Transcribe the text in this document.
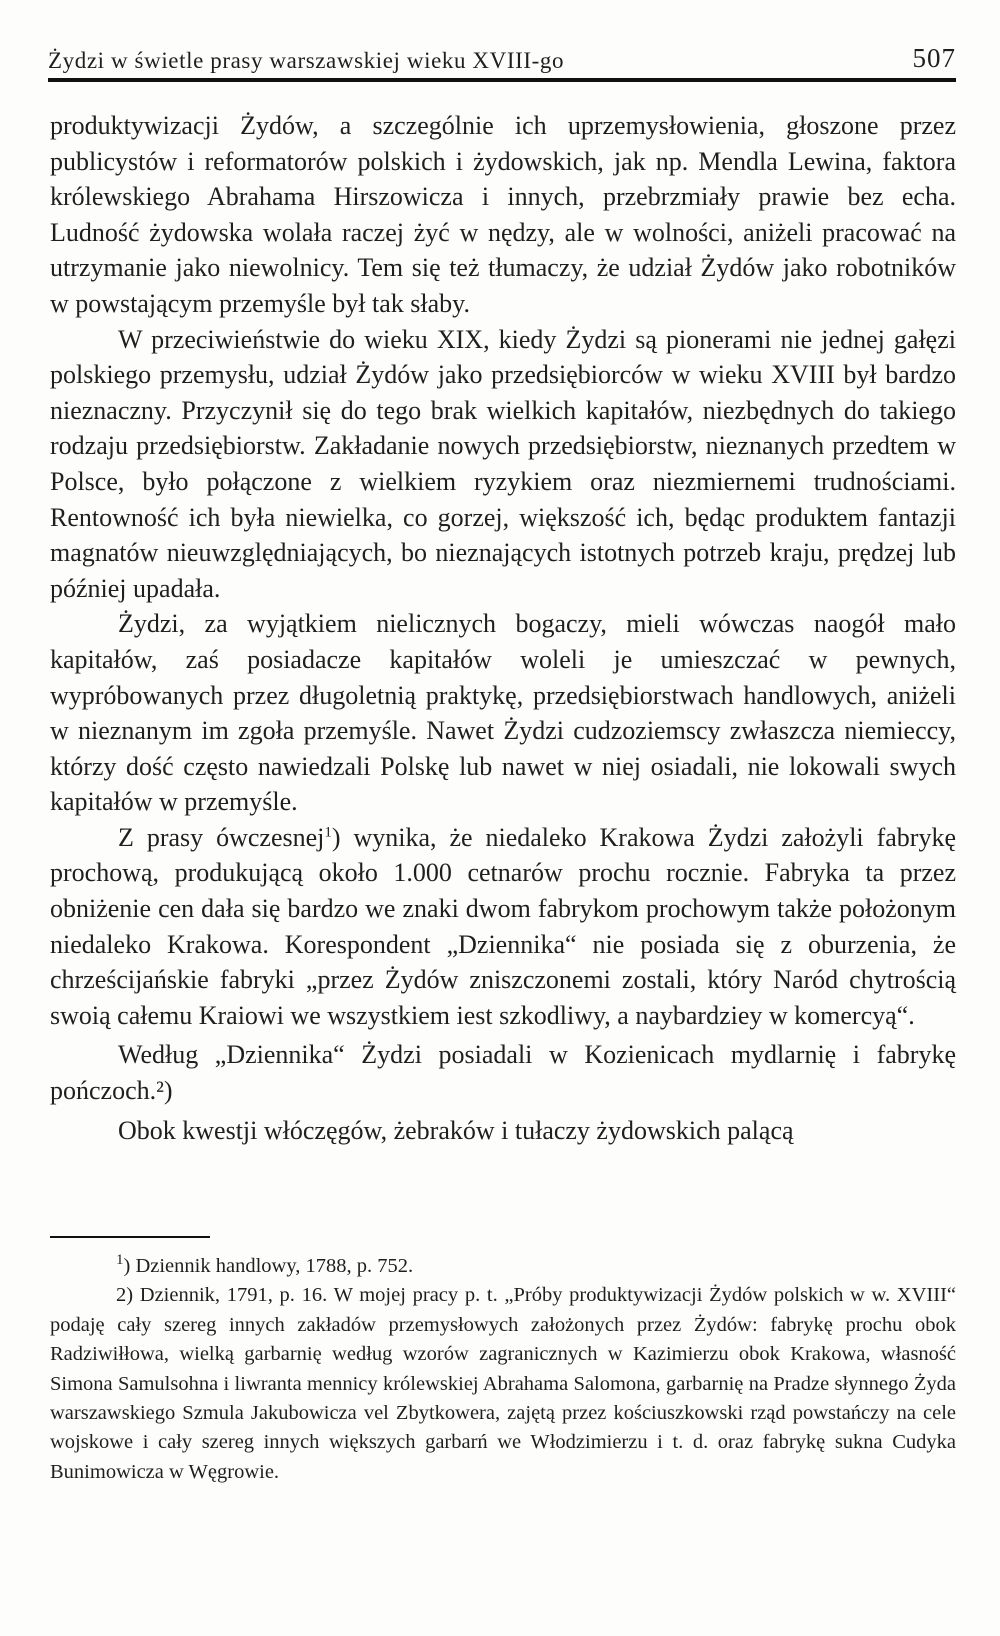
Żydzi w świetle prasy warszawskiej wieku XVIII-go	507

produktywizacji Żydów, a szczególnie ich uprzemysłowienia, głoszone przez publicystów i reformatorów polskich i żydowskich, jak np. Mendla Lewina, faktora królewskiego Abrahama Hirszowicza i innych, przebrzmiały prawie bez echa. Ludność żydowska wolała raczej żyć w nędzy, ale w wolności, aniżeli pracować na utrzymanie jako niewolnicy. Tem się też tłumaczy, że udział Żydów jako robotników w powstającym przemyśle był tak słaby.

W przeciwieństwie do wieku XIX, kiedy Żydzi są pionerami nie jednej gałęzi polskiego przemysłu, udział Żydów jako przedsiębiorców w wieku XVIII był bardzo nieznaczny. Przyczynił się do tego brak wielkich kapitałów, niezbędnych do takiego rodzaju przedsiębiorstw. Zakładanie nowych przedsiębiorstw, nieznanych przedtem w Polsce, było połączone z wielkiem ryzykiem oraz niezmiernemi trudnościami. Rentowność ich była niewielka, co gorzej, większość ich, będąc produktem fantazji magnatów nieuwzględniających, bo nieznających istotnych potrzeb kraju, prędzej lub później upadała.

Żydzi, za wyjątkiem nielicznych bogaczy, mieli wówczas naogół mało kapitałów, zaś posiadacze kapitałów woleli je umieszczać w pewnych, wypróbowanych przez długoletnią praktykę, przedsiębiorstwach handlowych, aniżeli w nieznanym im zgoła przemyśle. Nawet Żydzi cudzoziemscy zwłaszcza niemieccy, którzy dość często nawiedzali Polskę lub nawet w niej osiadali, nie lokowali swych kapitałów w przemyśle.

Z prasy ówczesnej$^1$) wynika, że niedaleko Krakowa Żydzi założyli fabrykę prochową, produkującą około 1.000 cetnarów prochu rocznie. Fabryka ta przez obniżenie cen dała się bardzo we znaki dwom fabrykom prochowym także położonym niedaleko Krakowa. Korespondent „Dziennika“ nie posiada się z oburzenia, że chrześcijańskie fabryki „przez Żydów zniszczonemi zostali, który Naród chytrością swoią całemu Kraiowi we wszystkiem iest szkodliwy, a naybardziey w komercyą“.

Według „Dziennika“ Żydzi posiadali w Kozienicach mydlarnię i fabrykę pończoch.²)

Obok kwestji włóczęgów, żebraków i tułaczy żydowskich palącą

$^1$) Dziennik handlowy, 1788, p. 752.

2) Dziennik, 1791, p. 16. W mojej pracy p. t. „Próby produktywizacji Żydów polskich w w. XVIII“ podaję cały szereg innych zakładów przemysłowych założonych przez Żydów: fabrykę prochu obok Radziwiłłowa, wielką garbarnię według wzorów zagranicznych w Kazimierzu obok Krakowa, własność Simona Samulsohna i liwranta mennicy królewskiej Abrahama Salomona, garbarnię na Pradze słynnego Żyda warszawskiego Szmula Jakubowicza vel Zbytkowera, zajętą przez kościuszkowski rząd powstańczy na cele wojskowe i cały szereg innych większych garbarń we Włodzimierzu i t. d. oraz fabrykę sukna Cudyka Bunimowicza w Węgrowie.
